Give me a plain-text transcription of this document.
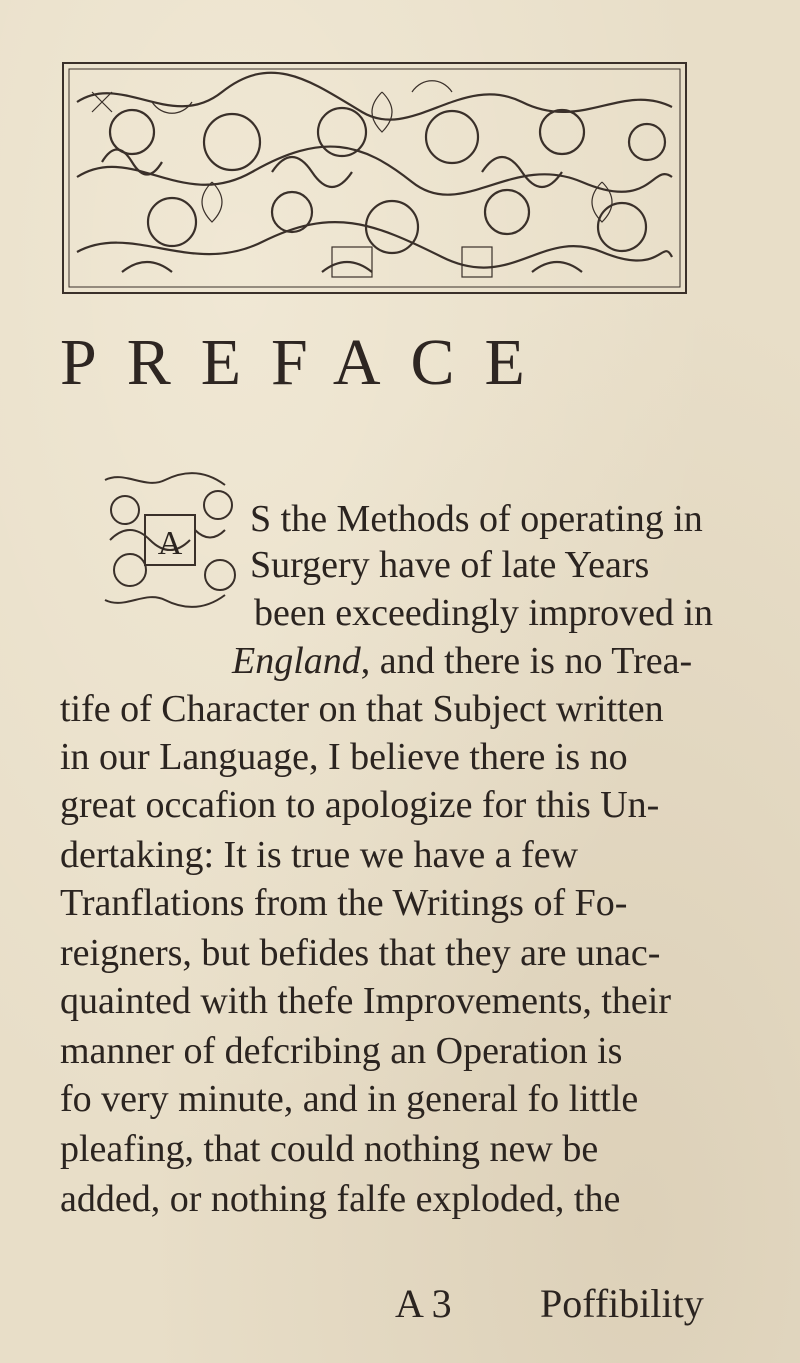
PREFACE
A

S the Methods of operating in

Surgery have of late Years

been exceedingly improved in

England, and there is no Trea-

tife of Character on that Subject written

in our Language, I believe there is no

great occafion to apologize for this Un-

dertaking: It is true we have a few

Tranflations from the Writings of Fo-

reigners, but befides that they are unac-

quainted with thefe Improvements, their

manner of defcribing an Operation is

fo very minute, and in general fo little

pleafing, that could nothing new be

added, or nothing falfe exploded, the

A 3 Poffibility
